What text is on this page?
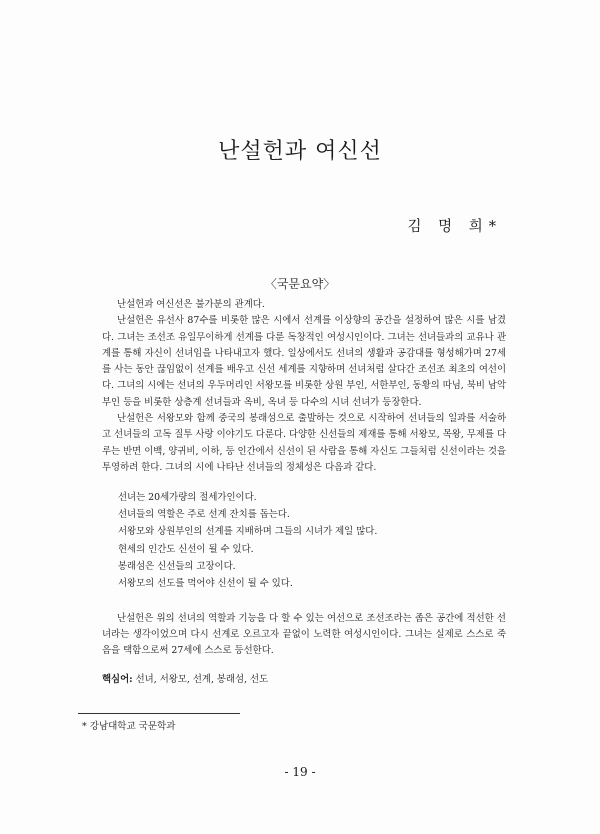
난설헌과 여신선
김 명 희*
〈국문요약〉

난설헌과 여신선은 불가분의 관계다.

난설헌은 유선사 87수를 비롯한 많은 시에서 선계를 이상향의 공간을 설정하여 많은 시를 남겼다. 그녀는 조선조 유일무이하게 선계를 다룬 독창적인 여성시인이다. 그녀는 선녀들과의 교유나 관계를 통해 자신이 선녀임을 나타내고자 했다. 일상에서도 선녀의 생활과 공감대를 형성해가며 27세를 사는 동안 끊임없이 선계를 배우고 신선 세계를 지향하며 선녀처럼 살다간 조선조 최초의 여선이다. 그녀의 시에는 선녀의 우두머리인 서왕모를 비롯한 상원 부인, 서한부인, 동황의 따님, 북비 남악부인 등을 비롯한 상층계 선녀들과 옥비, 옥녀 등 다수의 시녀 선녀가 등장한다.

난설헌은 서왕모와 함께 중국의 봉래섬으로 출발하는 것으로 시작하여 선녀들의 일과를 서술하고 선녀들의 고독 질투 사랑 이야기도 다룬다. 다양한 신선들의 제재를 통해 서왕모, 목왕, 무제를 다루는 반면 이백, 양귀비, 이하, 등 인간에서 신선이 된 사람을 통해 자신도 그들처럼 신선이라는 것을 투영하려 한다. 그녀의 시에 나타난 선녀들의 정체성은 다음과 같다.

선녀는 20세가량의 절세가인이다.
선녀들의 역할은 주로 선계 잔치를 돕는다.
서왕모와 상원부인의 선계를 지배하며 그들의 시녀가 제일 많다.
현세의 인간도 신선이 될 수 있다.
봉래섬은 신선들의 고장이다.
서왕모의 선도를 먹어야 신선이 될 수 있다.

난설헌은 위의 선녀의 역할과 기능을 다 할 수 있는 여선으로 조선조라는 좁은 공간에 적선한 선녀라는 생각이었으며 다시 선계로 오르고자 끝없이 노력한 여성시인이다. 그녀는 실제로 스스로 죽음을 택함으로써 27세에 스스로 등선한다.

핵심어: 선녀, 서왕모, 선계, 봉래섬, 선도
* 강남대학교 국문학과
- 19 -
